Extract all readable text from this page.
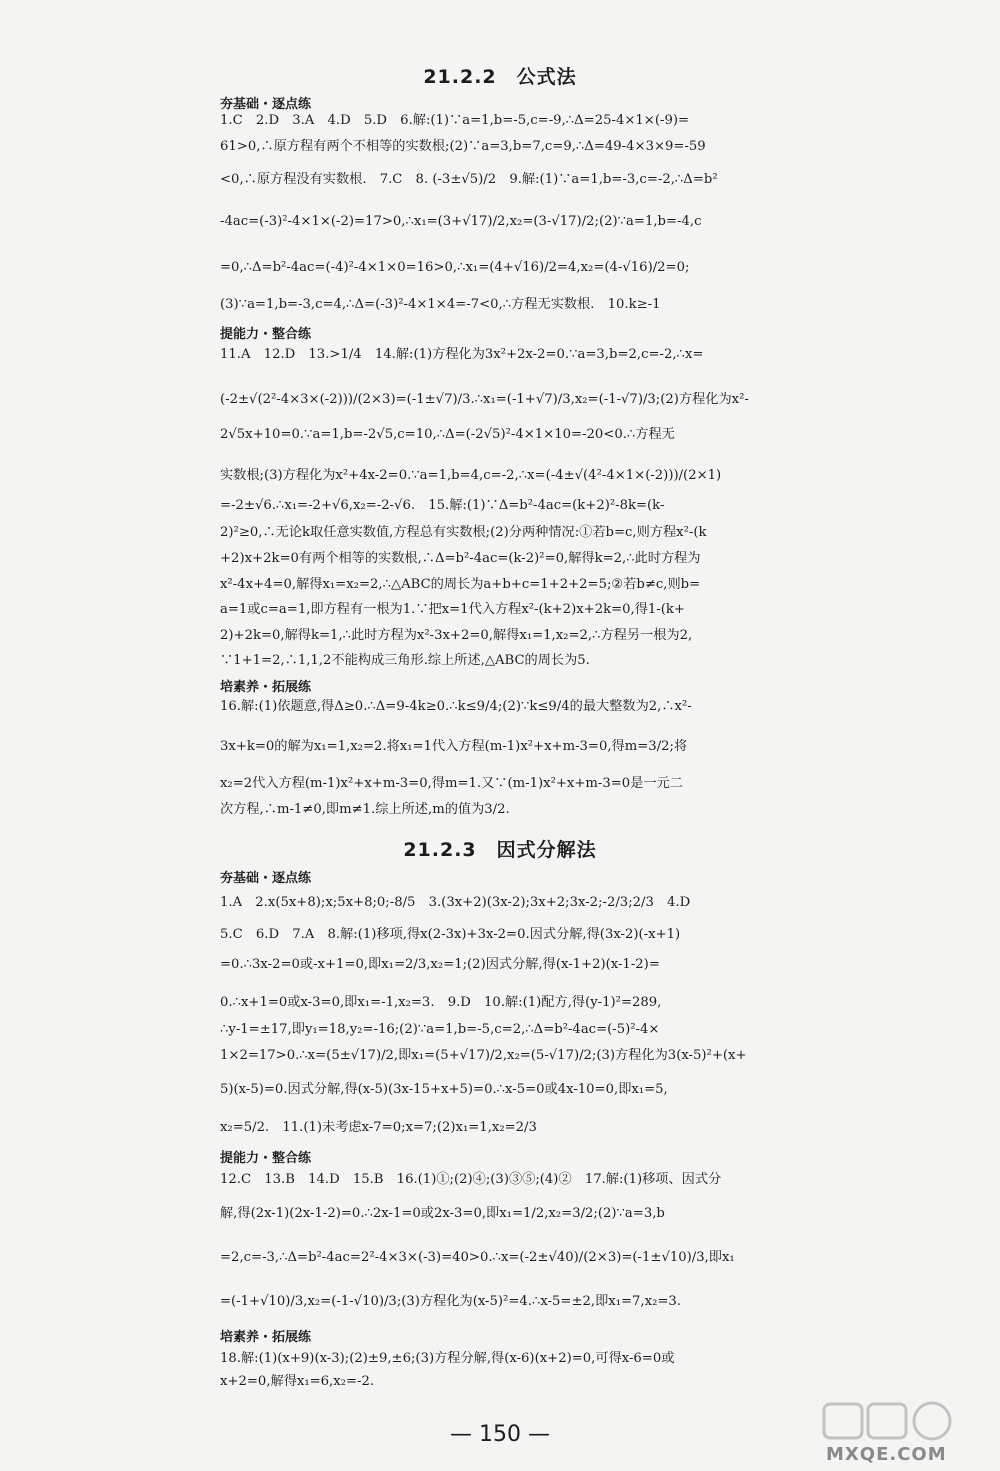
21.2.2　公式法
夯基础・逐点练
1.C　2.D　3.A　4.D　5.D　6.解:(1)∵a=1,b=-5,c=-9,∴Δ=25-4×1×(-9)=
61>0,∴原方程有两个不相等的实数根;(2)∵a=3,b=7,c=9,∴Δ=49-4×3×9=-59
<0,∴原方程没有实数根.　7.C　8. (-3±√5)/2　9.解:(1)∵a=1,b=-3,c=-2,∴Δ=b²
-4ac=(-3)²-4×1×(-2)=17>0,∴x₁=(3+√17)/2,x₂=(3-√17)/2;(2)∵a=1,b=-4,c
=0,∴Δ=b²-4ac=(-4)²-4×1×0=16>0,∴x₁=(4+√16)/2=4,x₂=(4-√16)/2=0;
(3)∵a=1,b=-3,c=4,∴Δ=(-3)²-4×1×4=-7<0,∴方程无实数根.　10.k≥-1
提能力・整合练
11.A　12.D　13.>1/4　14.解:(1)方程化为3x²+2x-2=0.∵a=3,b=2,c=-2,∴x=
(-2±√(2²-4×3×(-2)))/(2×3)=(-1±√7)/3.∴x₁=(-1+√7)/3,x₂=(-1-√7)/3;(2)方程化为x²-
2√5x+10=0.∵a=1,b=-2√5,c=10,∴Δ=(-2√5)²-4×1×10=-20<0.∴方程无
实数根;(3)方程化为x²+4x-2=0.∵a=1,b=4,c=-2,∴x=(-4±√(4²-4×1×(-2)))/(2×1)
=-2±√6.∴x₁=-2+√6,x₂=-2-√6.　15.解:(1)∵Δ=b²-4ac=(k+2)²-8k=(k-
2)²≥0,∴无论k取任意实数值,方程总有实数根;(2)分两种情况:①若b=c,则方程x²-(k
+2)x+2k=0有两个相等的实数根,∴Δ=b²-4ac=(k-2)²=0,解得k=2,∴此时方程为
x²-4x+4=0,解得x₁=x₂=2,∴△ABC的周长为a+b+c=1+2+2=5;②若b≠c,则b=
a=1或c=a=1,即方程有一根为1.∵把x=1代入方程x²-(k+2)x+2k=0,得1-(k+
2)+2k=0,解得k=1,∴此时方程为x²-3x+2=0,解得x₁=1,x₂=2,∴方程另一根为2,
∵1+1=2,∴1,1,2不能构成三角形.综上所述,△ABC的周长为5.
培素养・拓展练
16.解:(1)依题意,得Δ≥0.∴Δ=9-4k≥0.∴k≤9/4;(2)∵k≤9/4的最大整数为2,∴x²-
3x+k=0的解为x₁=1,x₂=2.将x₁=1代入方程(m-1)x²+x+m-3=0,得m=3/2;将
x₂=2代入方程(m-1)x²+x+m-3=0,得m=1.又∵(m-1)x²+x+m-3=0是一元二
次方程,∴m-1≠0,即m≠1.综上所述,m的值为3/2.
21.2.3　因式分解法
夯基础・逐点练
1.A　2.x(5x+8);x;5x+8;0;-8/5　3.(3x+2)(3x-2);3x+2;3x-2;-2/3;2/3　4.D
5.C　6.D　7.A　8.解:(1)移项,得x(2-3x)+3x-2=0.因式分解,得(3x-2)(-x+1)
=0.∴3x-2=0或-x+1=0,即x₁=2/3,x₂=1;(2)因式分解,得(x-1+2)(x-1-2)=
0.∴x+1=0或x-3=0,即x₁=-1,x₂=3.　9.D　10.解:(1)配方,得(y-1)²=289,
∴y-1=±17,即y₁=18,y₂=-16;(2)∵a=1,b=-5,c=2,∴Δ=b²-4ac=(-5)²-4×
1×2=17>0.∴x=(5±√17)/2,即x₁=(5+√17)/2,x₂=(5-√17)/2;(3)方程化为3(x-5)²+(x+
5)(x-5)=0.因式分解,得(x-5)(3x-15+x+5)=0.∴x-5=0或4x-10=0,即x₁=5,
x₂=5/2.　11.(1)未考虑x-7=0;x=7;(2)x₁=1,x₂=2/3
提能力・整合练
12.C　13.B　14.D　15.B　16.(1)①;(2)④;(3)③⑤;(4)②　17.解:(1)移项、因式分
解,得(2x-1)(2x-1-2)=0.∴2x-1=0或2x-3=0,即x₁=1/2,x₂=3/2;(2)∵a=3,b
=2,c=-3,∴Δ=b²-4ac=2²-4×3×(-3)=40>0.∴x=(-2±√40)/(2×3)=(-1±√10)/3,即x₁
=(-1+√10)/3,x₂=(-1-√10)/3;(3)方程化为(x-5)²=4.∴x-5=±2,即x₁=7,x₂=3.
培素养・拓展练
18.解:(1)(x+9)(x-3);(2)±9,±6;(3)方程分解,得(x-6)(x+2)=0,可得x-6=0或
x+2=0,解得x₁=6,x₂=-2.
— 150 —
MXQE.COM
